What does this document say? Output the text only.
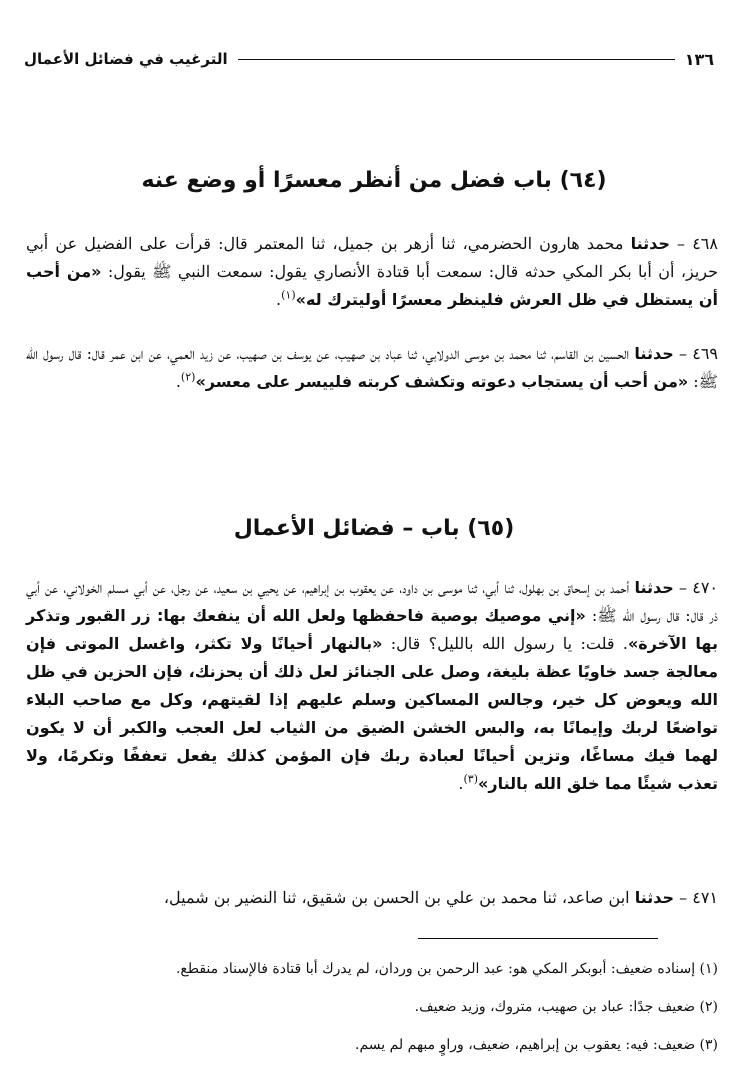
الترغيب في فضائل الأعمال	١٣٦
(٦٤) باب فضل من أنظر معسرًا أو وضع عنه
٤٦٨ – حدثنا محمد هارون الحضرمي، ثنا أزهر بن جميل، ثنا المعتمر قال: قرأت على الفضيل عن أبي حريز، أن أبا بكر المكي حدثه قال: سمعت أبا قتادة الأنصاري يقول: سمعت النبي ﷺ يقول: «من أحب أن يستظل في ظل العرش فلينظر معسرًا أوليترك له»$^{(١)}$.
٤٦٩ – حدثنا الحسين بن القاسم، ثنا محمد بن موسى الدولابي، ثنا عباد بن صهيب، عن يوسف بن صهيب، عن زيد العمي، عن ابن عمر قال: قال رسول الله ﷺ: «من أحب أن يستجاب دعوته وتكشف كربته فلييسر على معسر»$^{(٢)}$.
(٦٥) باب – فضائل الأعمال
٤٧٠ – حدثنا أحمد بن إسحاق بن بهلول، ثنا أبي، ثنا موسى بن داود، عن يعقوب بن إبراهيم، عن يحيي بن سعيد، عن رجل، عن أبي مسلم الخولاني، عن أبي ذر قال: قال رسول الله ﷺ: «إني موصيك بوصية فاحفظها ولعل الله أن ينفعك بها: زر القبور وتذكر بها الآخرة». قلت: يا رسول الله بالليل؟ قال: «بالنهار أحيانًا ولا تكثر، واغسل الموتى فإن معالجة جسد خاويًا عظة بليغة، وصل على الجنائز لعل ذلك أن يحزنك، فإن الحزين في ظل الله ويعوض كل خير، وجالس المساكين وسلم عليهم إذا لقيتهم، وكل مع صاحب البلاء تواضعًا لربك وإيمانًا به، والبس الخشن الضيق من الثياب لعل العجب والكبر أن لا يكون لهما فيك مساغًا، وتزين أحيانًا لعبادة ربك فإن المؤمن كذلك يفعل تعففًا وتكرمًا، ولا تعذب شيئًا مما خلق الله بالنار»$^{(٣)}$.
٤٧١ – حدثنا ابن صاعد، ثنا محمد بن علي بن الحسن بن شقيق، ثنا النضير بن شميل،
(١) إسناده ضعيف: أبوبكر المكي هو: عبد الرحمن بن وردان، لم يدرك أبا قتادة فالإسناد منقطع.
(٢) ضعيف جدًا: عباد بن صهيب، متروك، وزيد ضعيف.
(٣) ضعيف: فيه: يعقوب بن إبراهيم، ضعيف، وراوٍ مبهم لم يسم.
